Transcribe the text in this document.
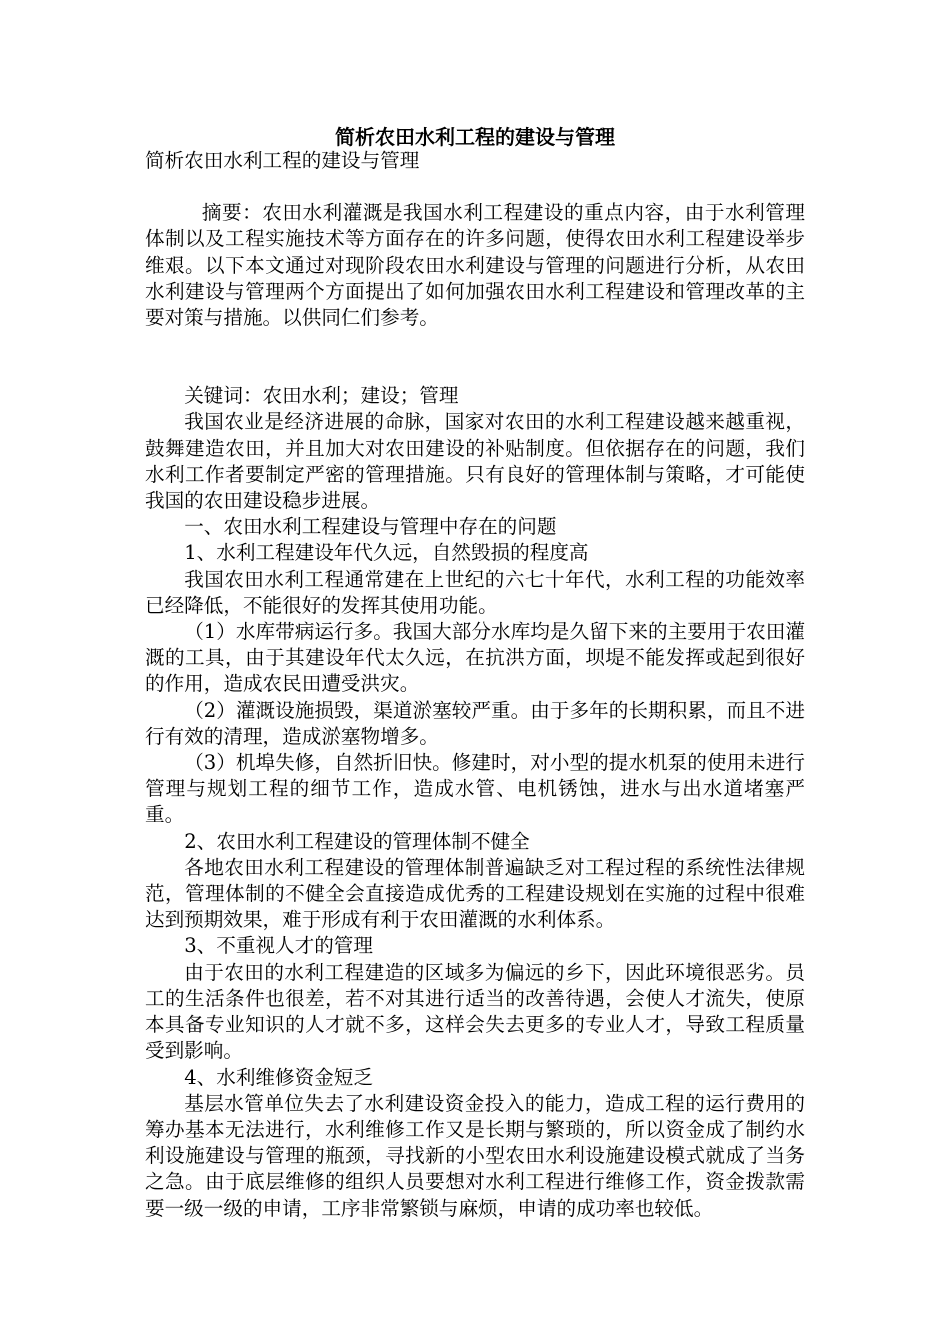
简析农田水利工程的建设与管理

简析农田水利工程的建设与管理

摘要：农田水利灌溉是我国水利工程建设的重点内容，由于水利管理体制以及工程实施技术等方面存在的许多问题，使得农田水利工程建设举步维艰。以下本文通过对现阶段农田水利建设与管理的问题进行分析，从农田水利建设与管理两个方面提出了如何加强农田水利工程建设和管理改革的主要对策与措施。以供同仁们参考。

关键词：农田水利；建设；管理

我国农业是经济进展的命脉，国家对农田的水利工程建设越来越重视，鼓舞建造农田，并且加大对农田建设的补贴制度。但依据存在的问题，我们水利工作者要制定严密的管理措施。只有良好的管理体制与策略，才可能使我国的农田建设稳步进展。

一、农田水利工程建设与管理中存在的问题

1、水利工程建设年代久远，自然毁损的程度高

我国农田水利工程通常建在上世纪的六七十年代，水利工程的功能效率已经降低，不能很好的发挥其使用功能。

（1）水库带病运行多。我国大部分水库均是久留下来的主要用于农田灌溉的工具，由于其建设年代太久远，在抗洪方面，坝堤不能发挥或起到很好的作用，造成农民田遭受洪灾。

（2）灌溉设施损毁，渠道淤塞较严重。由于多年的长期积累，而且不进行有效的清理，造成淤塞物增多。

（3）机埠失修，自然折旧快。修建时，对小型的提水机泵的使用未进行管理与规划工程的细节工作，造成水管、电机锈蚀，进水与出水道堵塞严重。

2、农田水利工程建设的管理体制不健全

各地农田水利工程建设的管理体制普遍缺乏对工程过程的系统性法律规范，管理体制的不健全会直接造成优秀的工程建设规划在实施的过程中很难达到预期效果，难于形成有利于农田灌溉的水利体系。

3、不重视人才的管理

由于农田的水利工程建造的区域多为偏远的乡下，因此环境很恶劣。员工的生活条件也很差，若不对其进行适当的改善待遇，会使人才流失，使原本具备专业知识的人才就不多，这样会失去更多的专业人才，导致工程质量受到影响。

4、水利维修资金短乏

基层水管单位失去了水利建设资金投入的能力，造成工程的运行费用的筹办基本无法进行，水利维修工作又是长期与繁琐的，所以资金成了制约水利设施建设与管理的瓶颈，寻找新的小型农田水利设施建设模式就成了当务之急。由于底层维修的组织人员要想对水利工程进行维修工作，资金拨款需要一级一级的申请，工序非常繁锁与麻烦，申请的成功率也较低。
